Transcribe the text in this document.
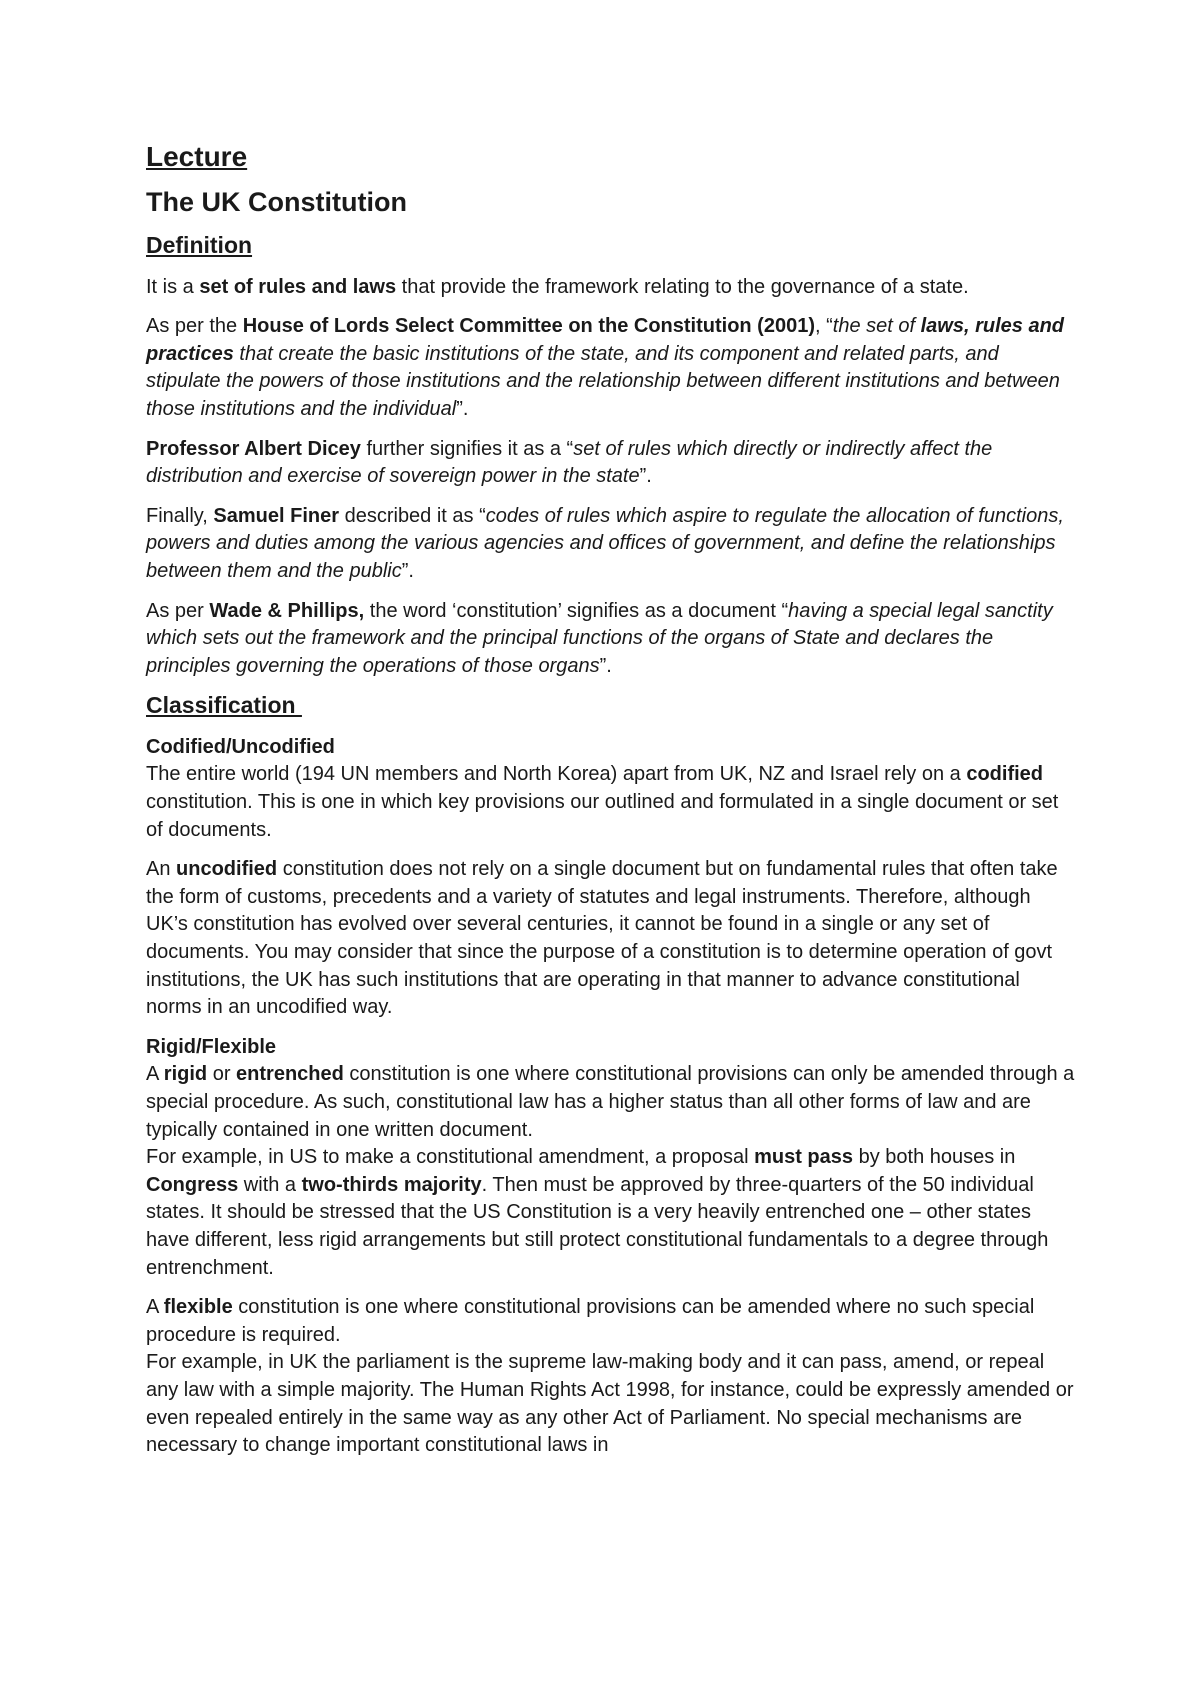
Lecture
The UK Constitution
Definition

It is a set of rules and laws that provide the framework relating to the governance of a state.

As per the House of Lords Select Committee on the Constitution (2001), “the set of laws, rules and practices that create the basic institutions of the state, and its component and related parts, and stipulate the powers of those institutions and the relationship between different institutions and between those institutions and the individual”.

Professor Albert Dicey further signifies it as a “set of rules which directly or indirectly affect the distribution and exercise of sovereign power in the state”.

Finally, Samuel Finer described it as “codes of rules which aspire to regulate the allocation of functions, powers and duties among the various agencies and offices of government, and define the relationships between them and the public”.

As per Wade & Phillips, the word ‘constitution’ signifies as a document “having a special legal sanctity which sets out the framework and the principal functions of the organs of State and declares the principles governing the operations of those organs”.

Classification
Codified/Uncodified

The entire world (194 UN members and North Korea) apart from UK, NZ and Israel rely on a codified constitution. This is one in which key provisions our outlined and formulated in a single document or set of documents.

An uncodified constitution does not rely on a single document but on fundamental rules that often take the form of customs, precedents and a variety of statutes and legal instruments. Therefore, although UK’s constitution has evolved over several centuries, it cannot be found in a single or any set of documents. You may consider that since the purpose of a constitution is to determine operation of govt institutions, the UK has such institutions that are operating in that manner to advance constitutional norms in an uncodified way.

Rigid/Flexible

A rigid or entrenched constitution is one where constitutional provisions can only be amended through a special procedure. As such, constitutional law has a higher status than all other forms of law and are typically contained in one written document.

For example, in US to make a constitutional amendment, a proposal must pass by both houses in Congress with a two-thirds majority. Then must be approved by three-quarters of the 50 individual states. It should be stressed that the US Constitution is a very heavily entrenched one – other states have different, less rigid arrangements but still protect constitutional fundamentals to a degree through entrenchment.

A flexible constitution is one where constitutional provisions can be amended where no such special procedure is required.

For example, in UK the parliament is the supreme law-making body and it can pass, amend, or repeal any law with a simple majority. The Human Rights Act 1998, for instance, could be expressly amended or even repealed entirely in the same way as any other Act of Parliament. No special mechanisms are necessary to change important constitutional laws in
